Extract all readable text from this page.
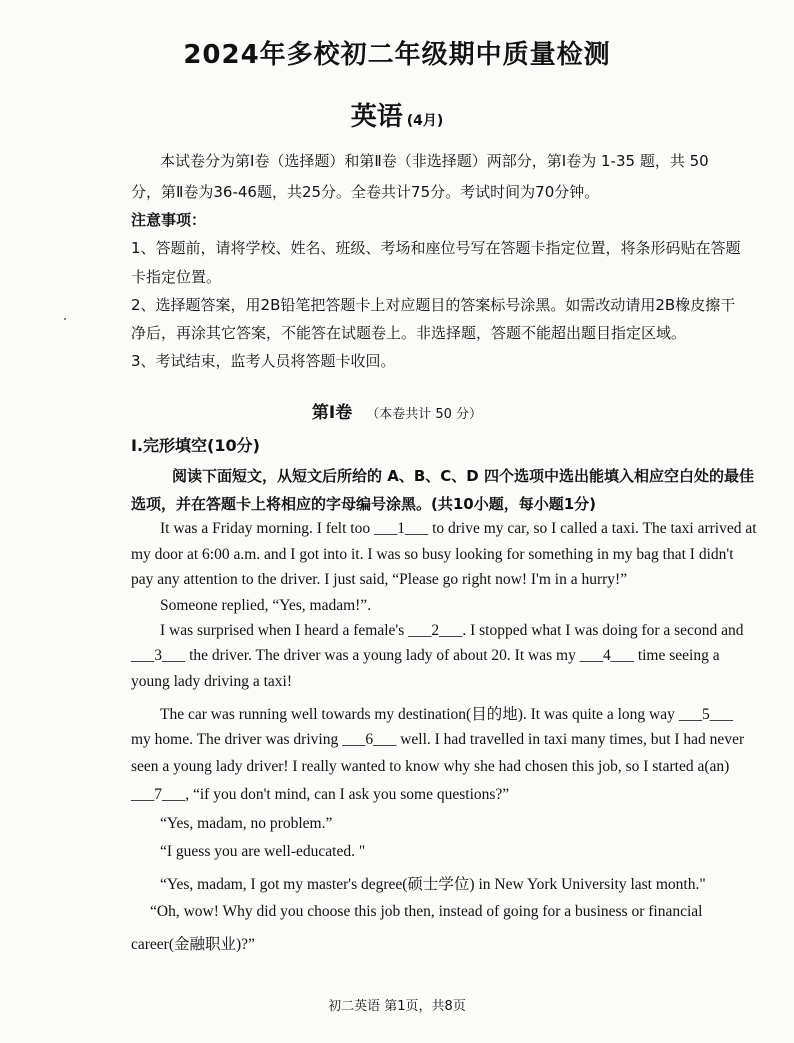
2024年多校初二年级期中质量检测
英语 (4月)
本试卷分为第Ⅰ卷（选择题）和第Ⅱ卷（非选择题）两部分，第Ⅰ卷为 1-35 题，共 50
分，第Ⅱ卷为36-46题，共25分。全卷共计75分。考试时间为70分钟。
注意事项：
1、答题前，请将学校、姓名、班级、考场和座位号写在答题卡指定位置，将条形码贴在答题
卡指定位置。
2、选择题答案，用2B铅笔把答题卡上对应题目的答案标号涂黑。如需改动请用2B橡皮擦干
净后，再涂其它答案，不能答在试题卷上。非选择题，答题不能超出题目指定区域。
3、考试结束，监考人员将答题卡收回。
第Ⅰ卷 （本卷共计 50 分）
I.完形填空(10分)
阅读下面短文，从短文后所给的 A、B、C、D 四个选项中选出能填入相应空白处的最佳
选项，并在答题卡上将相应的字母编号涂黑。(共10小题，每小题1分)
It was a Friday morning. I felt too ___1___ to drive my car, so I called a taxi. The taxi arrived at
my door at 6:00 a.m. and I got into it. I was so busy looking for something in my bag that I didn't
pay any attention to the driver. I just said, “Please go right now! I'm in a hurry!”
Someone replied, “Yes, madam!”.
I was surprised when I heard a female's ___2___. I stopped what I was doing for a second and
___3___ the driver. The driver was a young lady of about 20. It was my ___4___ time seeing a
young lady driving a taxi!
The car was running well towards my destination(目的地). It was quite a long way ___5___
my home. The driver was driving ___6___ well. I had travelled in taxi many times, but I had never
seen a young lady driver! I really wanted to know why she had chosen this job, so I started a(an)
___7___, “if you don't mind, can I ask you some questions?”
“Yes, madam, no problem.”
“I guess you are well-educated. "
“Yes, madam, I got my master's degree(硕士学位) in New York University last month."
“Oh, wow! Why did you choose this job then, instead of going for a business or financial
career(金融职业)?”
初二英语 第1页，共8页
